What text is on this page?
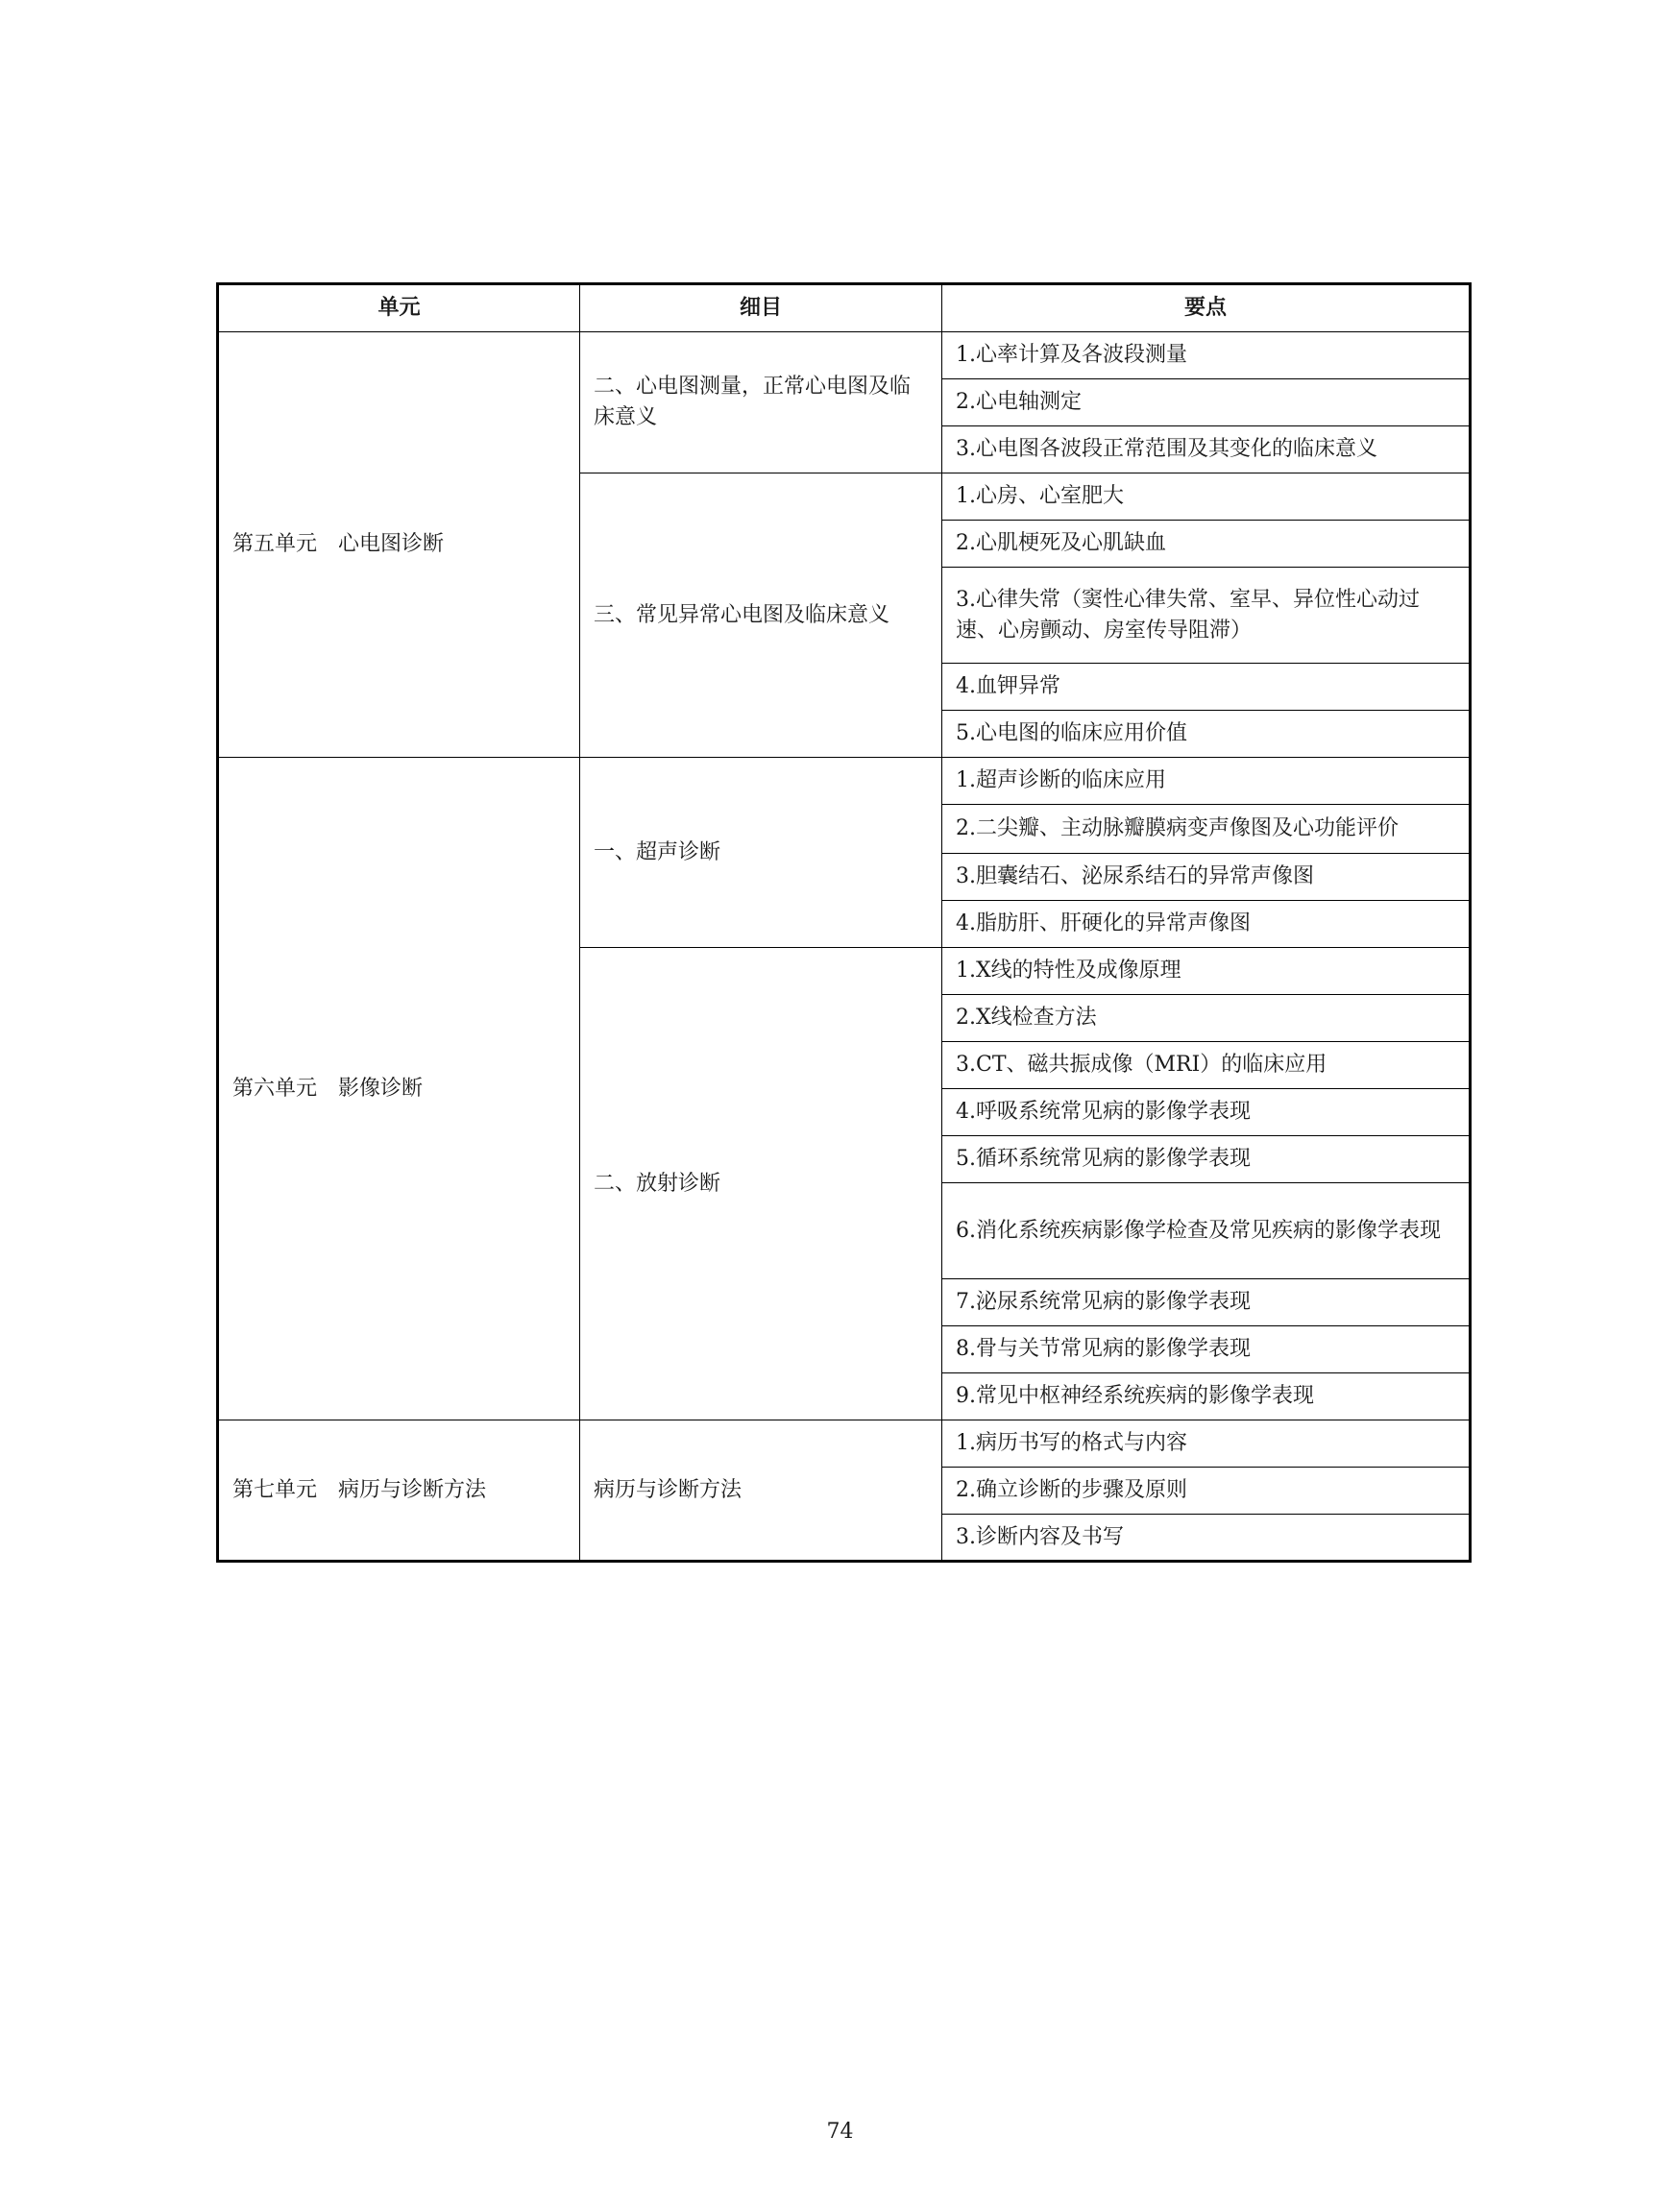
单元	细目	要点
第五单元　心电图诊断	二、心电图测量，正常心电图及临床意义	1.心率计算及各波段测量
		2.心电轴测定
		3.心电图各波段正常范围及其变化的临床意义
	三、常见异常心电图及临床意义	1.心房、心室肥大
		2.心肌梗死及心肌缺血
		3.心律失常（窦性心律失常、室早、异位性心动过速、心房颤动、房室传导阻滞）
		4.血钾异常
		5.心电图的临床应用价值
第六单元　影像诊断	一、超声诊断	1.超声诊断的临床应用
		2.二尖瓣、主动脉瓣膜病变声像图及心功能评价
		3.胆囊结石、泌尿系结石的异常声像图
		4.脂肪肝、肝硬化的异常声像图
	二、放射诊断	1.X线的特性及成像原理
		2.X线检查方法
		3.CT、磁共振成像（MRI）的临床应用
		4.呼吸系统常见病的影像学表现
		5.循环系统常见病的影像学表现
		6.消化系统疾病影像学检查及常见疾病的影像学表现
		7.泌尿系统常见病的影像学表现
		8.骨与关节常见病的影像学表现
		9.常见中枢神经系统疾病的影像学表现
第七单元　病历与诊断方法	病历与诊断方法	1.病历书写的格式与内容
		2.确立诊断的步骤及原则
		3.诊断内容及书写
74
